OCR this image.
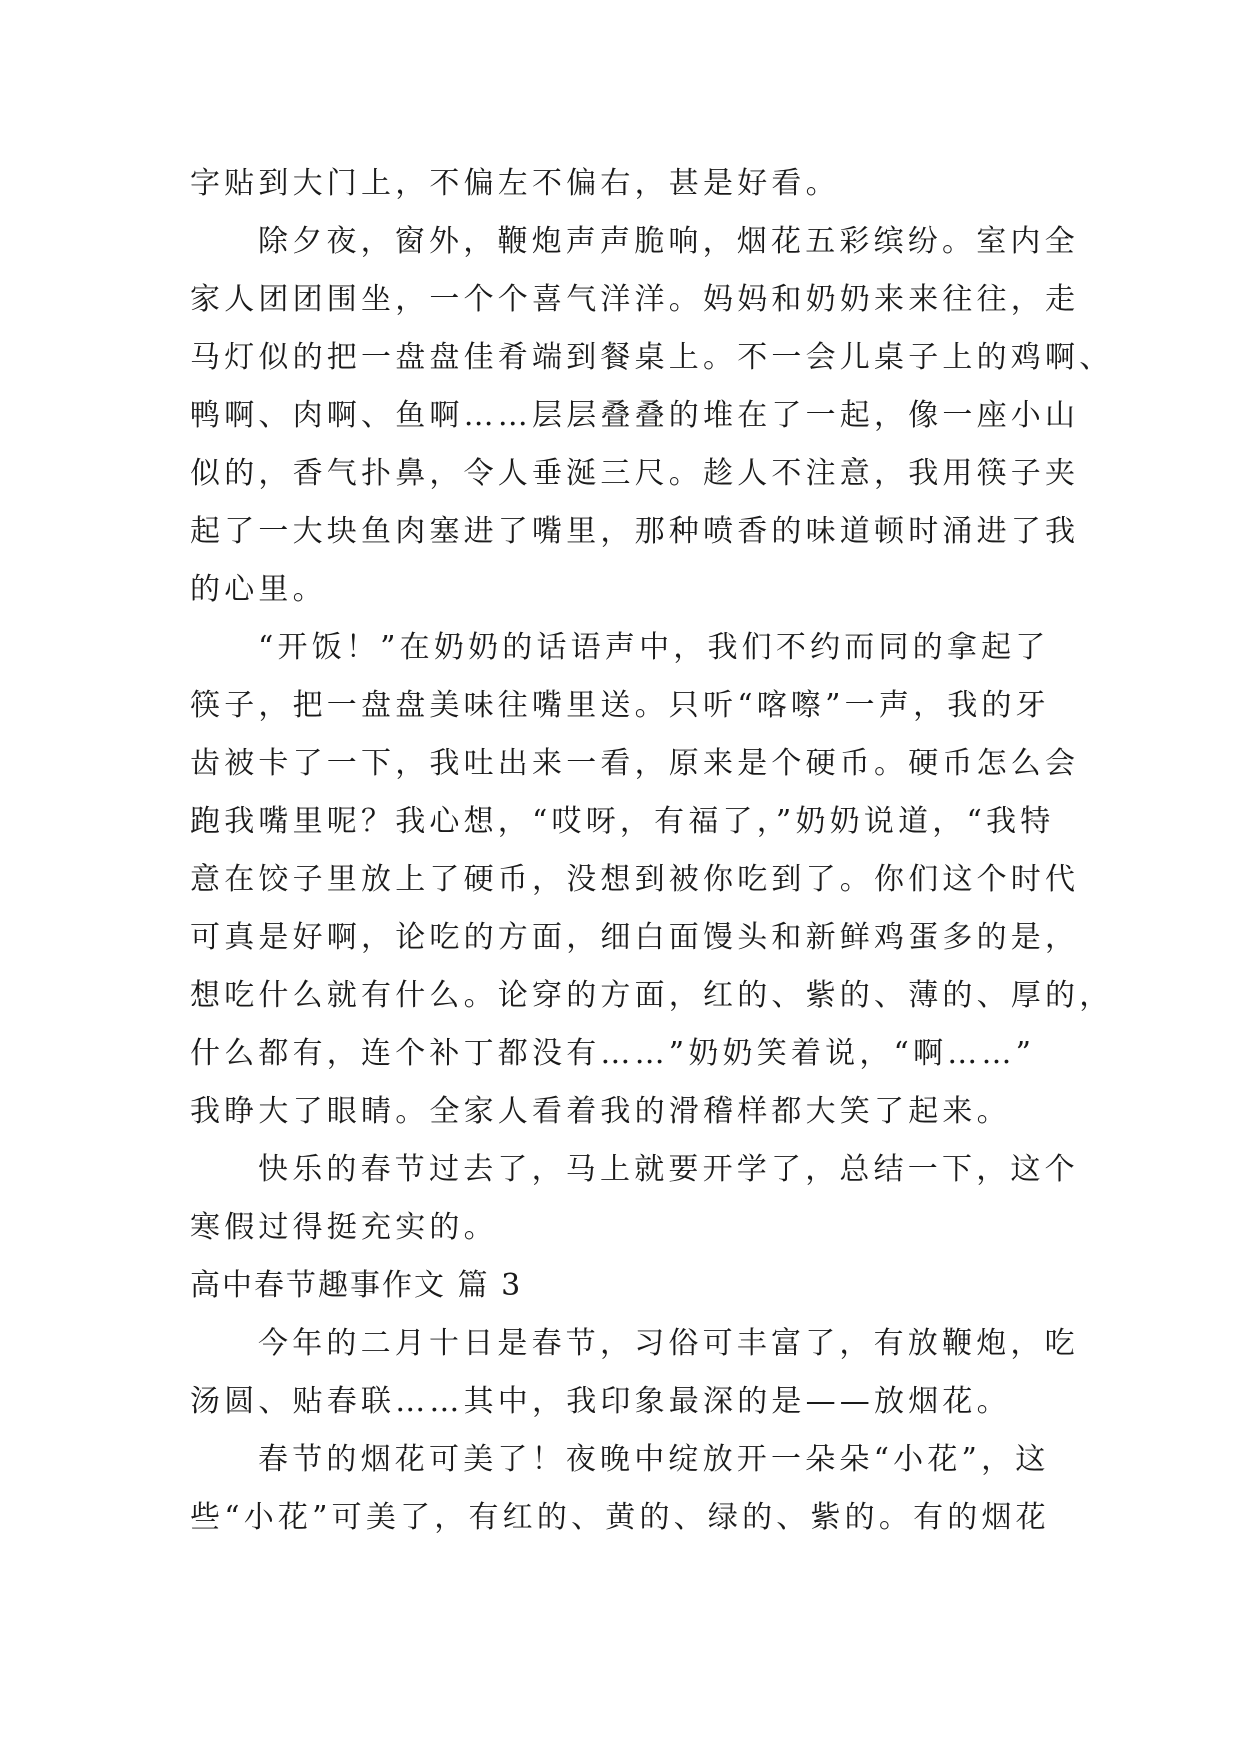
字贴到大门上，不偏左不偏右，甚是好看。
除夕夜，窗外，鞭炮声声脆响，烟花五彩缤纷。室内全
家人团团围坐，一个个喜气洋洋。妈妈和奶奶来来往往，走
马灯似的把一盘盘佳肴端到餐桌上。不一会儿桌子上的鸡啊、
鸭啊、肉啊、鱼啊……层层叠叠的堆在了一起，像一座小山
似的，香气扑鼻，令人垂涎三尺。趁人不注意，我用筷子夹
起了一大块鱼肉塞进了嘴里，那种喷香的味道顿时涌进了我
的心里。
“开饭！”在奶奶的话语声中，我们不约而同的拿起了
筷子，把一盘盘美味往嘴里送。只听“喀嚓”一声，我的牙
齿被卡了一下，我吐出来一看，原来是个硬币。硬币怎么会
跑我嘴里呢？我心想，“哎呀，有福了，”奶奶说道，“我特
意在饺子里放上了硬币，没想到被你吃到了。你们这个时代
可真是好啊，论吃的方面，细白面馒头和新鲜鸡蛋多的是，
想吃什么就有什么。论穿的方面，红的、紫的、薄的、厚的，
什么都有，连个补丁都没有……”奶奶笑着说，“啊……”
我睁大了眼睛。全家人看着我的滑稽样都大笑了起来。
快乐的春节过去了，马上就要开学了，总结一下，这个
寒假过得挺充实的。
高中春节趣事作文 篇 3
今年的二月十日是春节，习俗可丰富了，有放鞭炮，吃
汤圆、贴春联……其中，我印象最深的是——放烟花。
春节的烟花可美了！夜晚中绽放开一朵朵“小花”，这
些“小花”可美了，有红的、黄的、绿的、紫的。有的烟花
